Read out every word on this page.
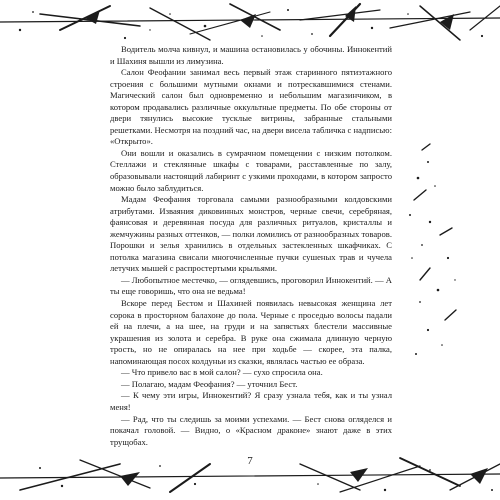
Водитель молча кивнул, и машина остановилась у обочины. Иннокентий и Шахиня вышли из лимузина.

Салон Феофании занимал весь первый этаж старинного пятиэтажного строения с большими мутными окнами и потрескавшимися стенами. Магический салон был одновременно и небольшим магазинчиком, в котором продавались различные оккультные предметы. По обе стороны от двери тянулись высокие тусклые витрины, забранные стальными решетками. Несмотря на поздний час, на двери висела табличка с надписью: «Открыто».

Они вошли и оказались в сумрачном помещении с низким потолком. Стеллажи и стеклянные шкафы с товарами, расставленные по залу, образовывали настоящий лабиринт с узкими проходами, в котором запросто можно было заблудиться.

Мадам Феофания торговала самыми разнообразными колдовскими атрибутами. Изваяния диковинных монстров, черные свечи, серебряная, фаянсовая и деревянная посуда для различных ритуалов, кристаллы и жемчужины разных оттенков, — полки ломились от разнообразных товаров. Порошки и зелья хранились в отдельных застекленных шкафчиках. С потолка магазина свисали многочисленные пучки сушеных трав и чучела летучих мышей с распростертыми крыльями.

— Любопытное местечко, — оглядевшись, проговорил Иннокентий. — А ты еще говоришь, что она не ведьма!

Вскоре перед Бестом и Шахиней появилась невысокая женщина лет сорока в просторном балахоне до пола. Черные с проседью волосы падали ей на плечи, а на шее, на груди и на запястьях блестели массивные украшения из золота и серебра. В руке она сжимала длинную черную трость, но не опиралась на нее при ходьбе — скорее, эта палка, напоминающая посох колдуньи из сказки, являлась частью ее образа.

— Что привело вас в мой салон? — сухо спросила она.

— Полагаю, мадам Феофания? — уточнил Бест.

— К чему эти игры, Иннокентий? Я сразу узнала тебя, как и ты узнал меня!

— Рад, что ты следишь за моими успехами. — Бест снова огляделся и покачал головой. — Видно, о «Красном драконе» знают даже в этих трущобах.

7
